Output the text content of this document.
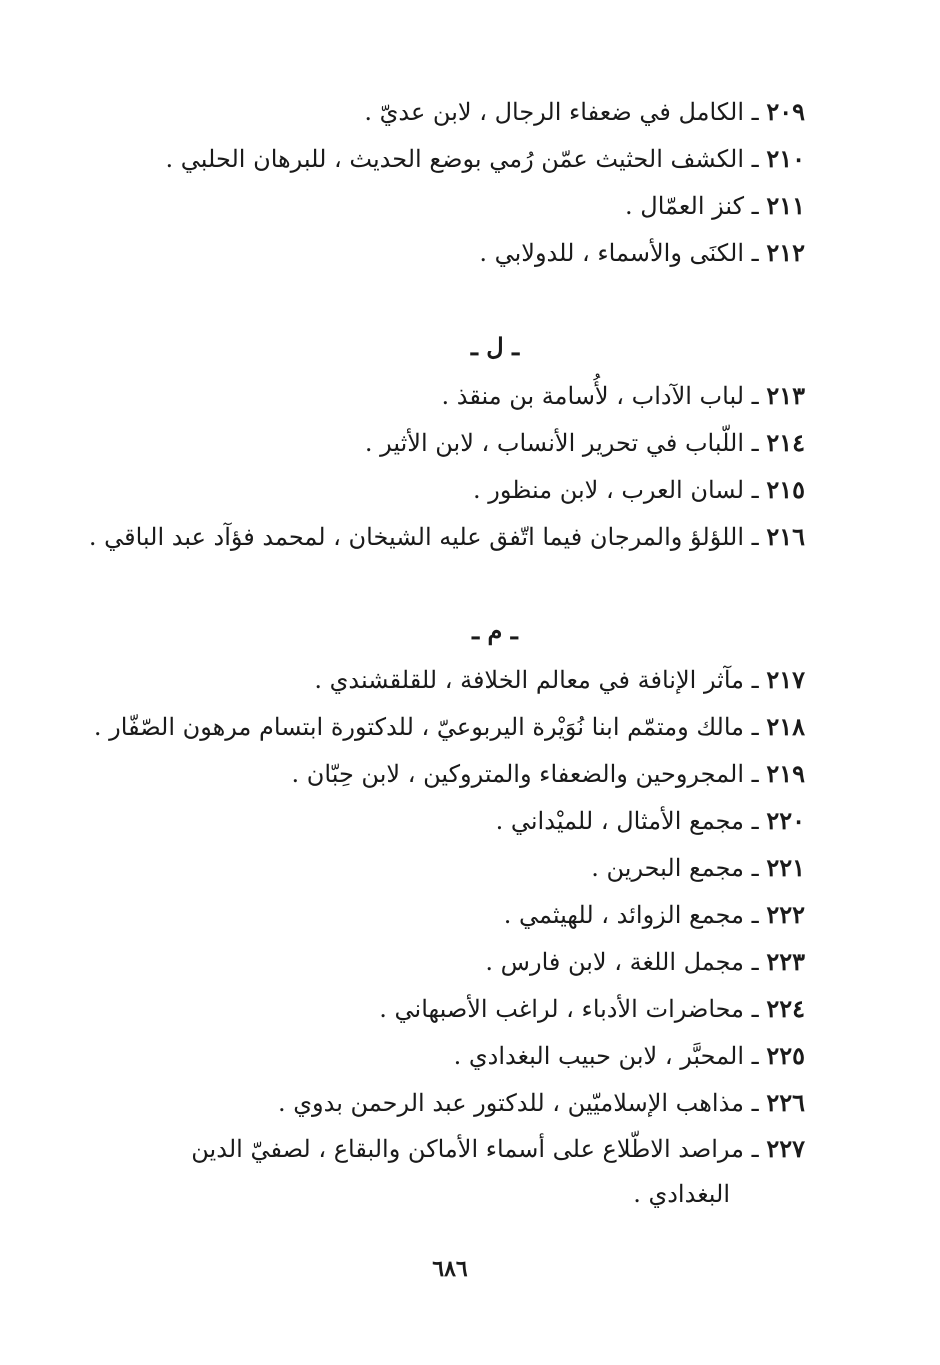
٢٠٩ ـ الكامل في ضعفاء الرجال ، لابن عديّ .
٢١٠ ـ الكشف الحثيث عمّن رُمي بوضع الحديث ، للبرهان الحلبي .
٢١١ ـ كنز العمّال .
٢١٢ ـ الكنَى والأسماء ، للدولابي .
ـ ل ـ
٢١٣ ـ لباب الآداب ، لأُسامة بن منقذ .
٢١٤ ـ اللّباب في تحرير الأنساب ، لابن الأثير .
٢١٥ ـ لسان العرب ، لابن منظور .
٢١٦ ـ اللؤلؤ والمرجان فيما اتّفق عليه الشيخان ، لمحمد فؤآد عبد الباقي .
ـ م ـ
٢١٧ ـ مآثر الإنافة في معالم الخلافة ، للقلقشندي .
٢١٨ ـ مالك ومتمّم ابنا نُوَيْرة اليربوعيّ ، للدكتورة ابتسام مرهون الصّفّار .
٢١٩ ـ المجروحين والضعفاء والمتروكين ، لابن حِبّان .
٢٢٠ ـ مجمع الأمثال ، للميْداني .
٢٢١ ـ مجمع البحرين .
٢٢٢ ـ مجمع الزوائد ، للهيثمي .
٢٢٣ ـ مجمل اللغة ، لابن فارس .
٢٢٤ ـ محاضرات الأدباء ، لراغب الأصبهاني .
٢٢٥ ـ المحبَّر ، لابن حبيب البغدادي .
٢٢٦ ـ مذاهب الإسلاميّين ، للدكتور عبد الرحمن بدوي .
٢٢٧ ـ مراصد الاطّلاع على أسماء الأماكن والبقاع ، لصفيّ الدين
البغدادي .
٦٨٦
